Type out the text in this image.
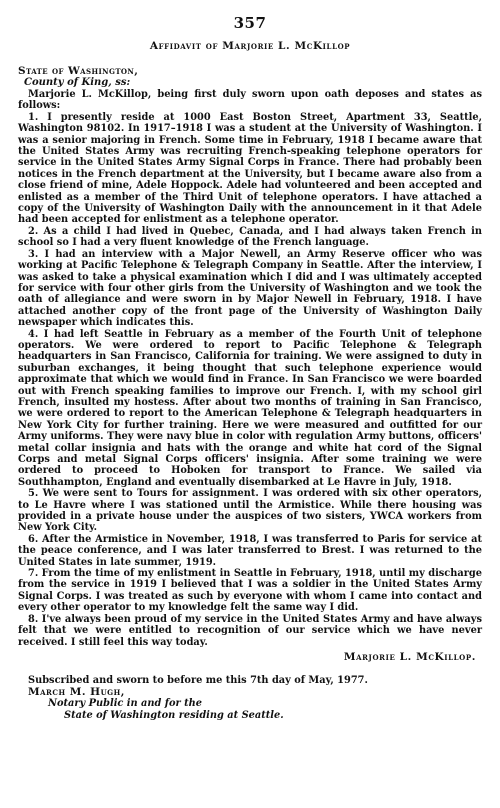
357
Affidavit of Marjorie L. McKillop
State of Washington,
County of King, ss:

Marjorie L. McKillop, being first duly sworn upon oath deposes and states as follows:

1. I presently reside at 1000 East Boston Street, Apartment 33, Seattle, Washington 98102. In 1917–1918 I was a student at the University of Washington. I was a senior majoring in French. Some time in February, 1918 I became aware that the United States Army was recruiting French-speaking telephone operators for service in the United States Army Signal Corps in France. There had probably been notices in the French department at the University, but I became aware also from a close friend of mine, Adele Hoppock. Adele had volunteered and been accepted and enlisted as a member of the Third Unit of telephone operators. I have attached a copy of the University of Washington Daily with the announcement in it that Adele had been accepted for enlistment as a telephone operator.

2. As a child I had lived in Quebec, Canada, and I had always taken French in school so I had a very fluent knowledge of the French language.

3. I had an interview with a Major Newell, an Army Reserve officer who was working at Pacific Telephone & Telegraph Company in Seattle. After the interview, I was asked to take a physical examination which I did and I was ultimately accepted for service with four other girls from the University of Washington and we took the oath of allegiance and were sworn in by Major Newell in February, 1918. I have attached another copy of the front page of the University of Washington Daily newspaper which indicates this.

4. I had left Seattle in February as a member of the Fourth Unit of telephone operators. We were ordered to report to Pacific Telephone & Telegraph headquarters in San Francisco, California for training. We were assigned to duty in suburban exchanges, it being thought that such telephone experience would approximate that which we would find in France. In San Francisco we were boarded out with French speaking families to improve our French. I, with my school girl French, insulted my hostess. After about two months of training in San Francisco, we were ordered to report to the American Telephone & Telegraph headquarters in New York City for further training. Here we were measured and outfitted for our Army uniforms. They were navy blue in color with regulation Army buttons, officers' metal collar insignia and hats with the orange and white hat cord of the Signal Corps and metal Signal Corps officers' insignia. After some training we were ordered to proceed to Hoboken for transport to France. We sailed via Southhampton, England and eventually disembarked at Le Havre in July, 1918.

5. We were sent to Tours for assignment. I was ordered with six other operators, to Le Havre where I was stationed until the Armistice. While there housing was provided in a private house under the auspices of two sisters, YWCA workers from New York City.

6. After the Armistice in November, 1918, I was transferred to Paris for service at the peace conference, and I was later transferred to Brest. I was returned to the United States in late summer, 1919.

7. From the time of my enlistment in Seattle in February, 1918, until my discharge from the service in 1919 I believed that I was a soldier in the United States Army Signal Corps. I was treated as such by everyone with whom I came into contact and every other operator to my knowledge felt the same way I did.

8. I've always been proud of my service in the United States Army and have always felt that we were entitled to recognition of our service which we have never received. I still feel this way today.

Marjorie L. McKillop.
Subscribed and sworn to before me this 7th day of May, 1977.
March M. Hugh,
Notary Public in and for the
State of Washington residing at Seattle.
